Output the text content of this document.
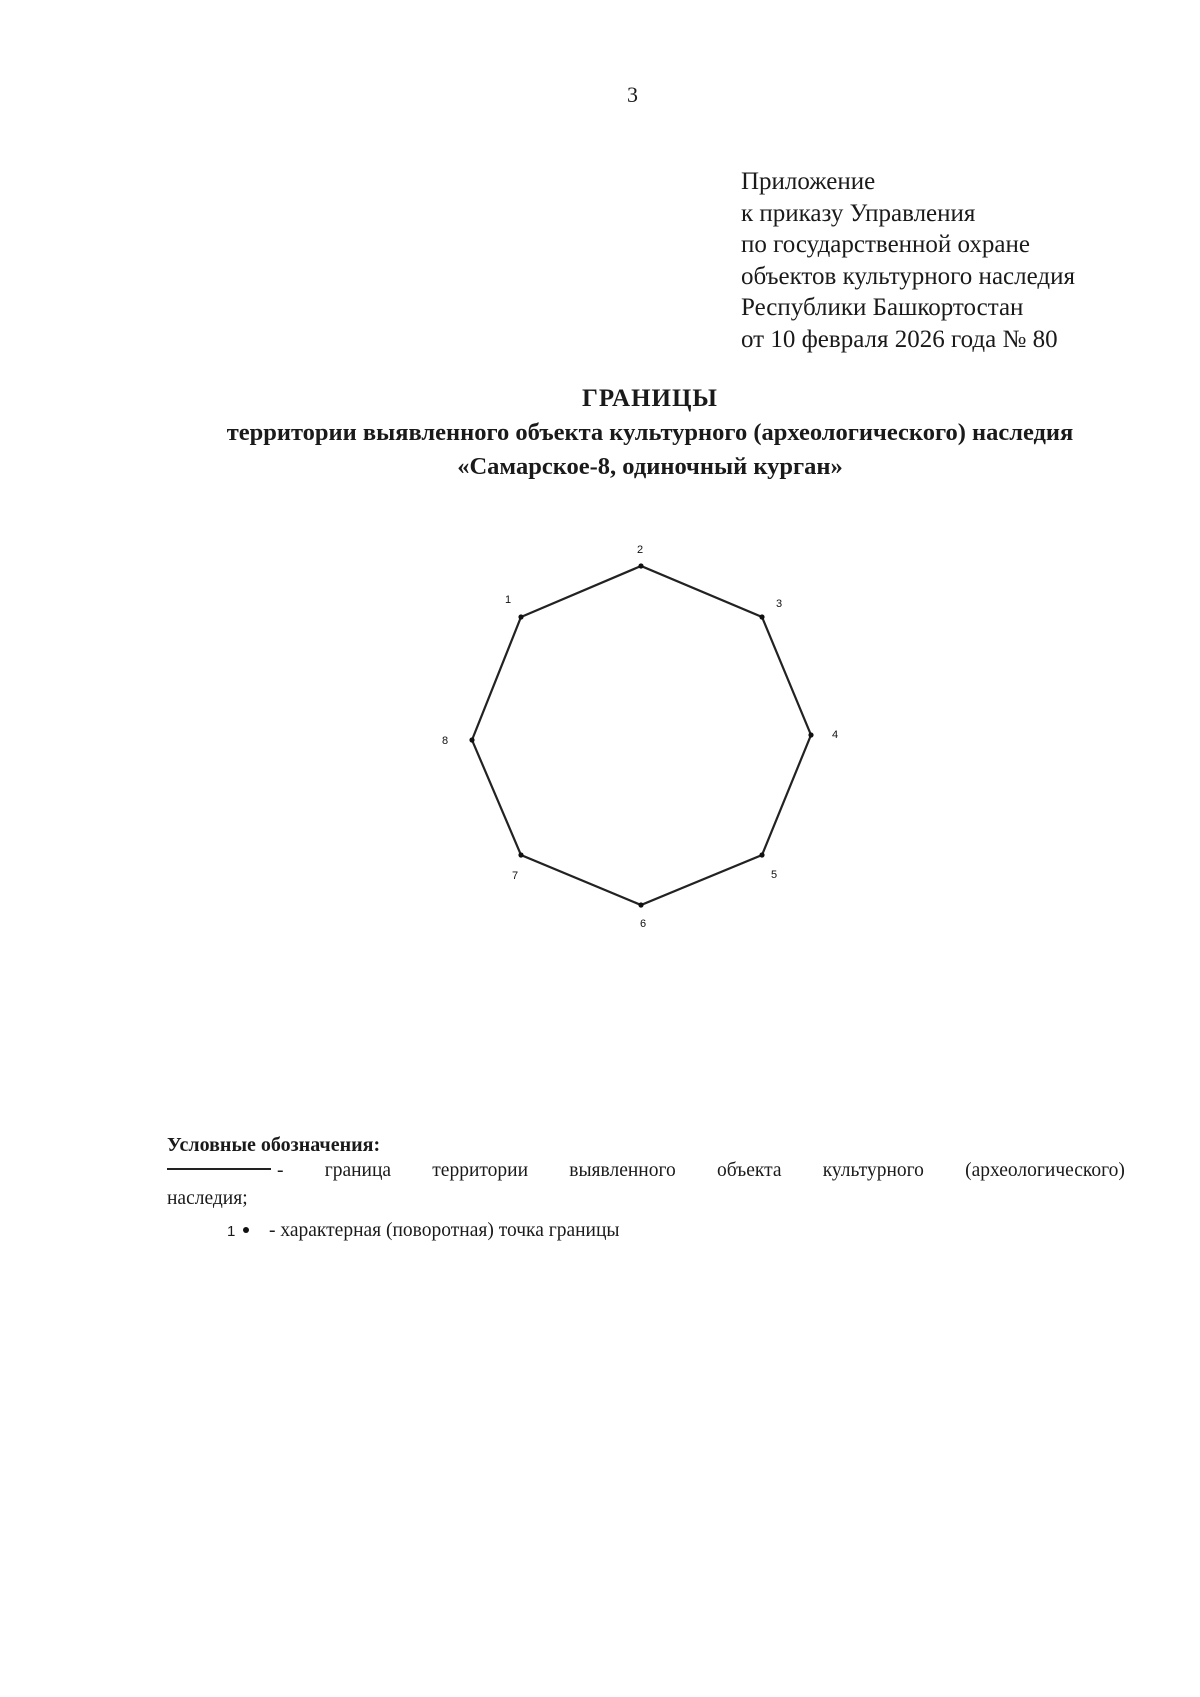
3
Приложение
к приказу Управления
по государственной охране
объектов культурного наследия
Республики Башкортостан
от 10 февраля 2026 года № 80
ГРАНИЦЫ
территории выявленного объекта культурного (археологического) наследия
«Самарское-8, одиночный курган»
1
2
3
4
5
6
7
8
Условные обозначения:
- граница территории выявленного объекта культурного (археологического)
наследия;
1 - характерная (поворотная) точка границы
